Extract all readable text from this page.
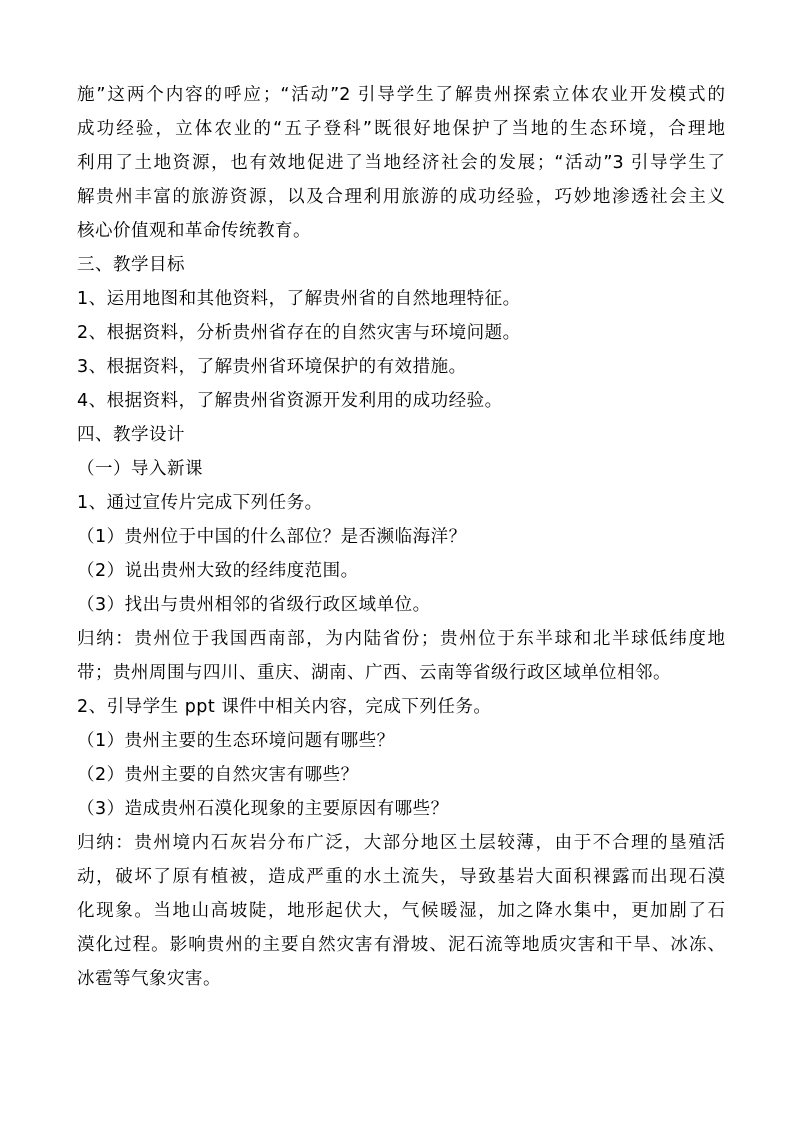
施”这两个内容的呼应；“活动”2 引导学生了解贵州探索立体农业开发模式的
成功经验，立体农业的“五子登科”既很好地保护了当地的生态环境，合理地
利用了土地资源，也有效地促进了当地经济社会的发展；“活动”3 引导学生了
解贵州丰富的旅游资源，以及合理利用旅游的成功经验，巧妙地渗透社会主义
核心价值观和革命传统教育。
三、教学目标
1、运用地图和其他资料，了解贵州省的自然地理特征。
2、根据资料，分析贵州省存在的自然灾害与环境问题。
3、根据资料，了解贵州省环境保护的有效措施。
4、根据资料，了解贵州省资源开发利用的成功经验。
四、教学设计
（一）导入新课
1、通过宣传片完成下列任务。
（1）贵州位于中国的什么部位？是否濒临海洋？
（2）说出贵州大致的经纬度范围。
（3）找出与贵州相邻的省级行政区域单位。
归纳：贵州位于我国西南部，为内陆省份；贵州位于东半球和北半球低纬度地
带；贵州周围与四川、重庆、湖南、广西、云南等省级行政区域单位相邻。
2、引导学生 ppt 课件中相关内容，完成下列任务。
（1）贵州主要的生态环境问题有哪些？
（2）贵州主要的自然灾害有哪些？
（3）造成贵州石漠化现象的主要原因有哪些？
归纳：贵州境内石灰岩分布广泛，大部分地区土层较薄，由于不合理的垦殖活
动，破坏了原有植被，造成严重的水土流失，导致基岩大面积裸露而出现石漠
化现象。当地山高坡陡，地形起伏大，气候暖湿，加之降水集中，更加剧了石
漠化过程。影响贵州的主要自然灾害有滑坡、泥石流等地质灾害和干旱、冰冻、
冰雹等气象灾害。
